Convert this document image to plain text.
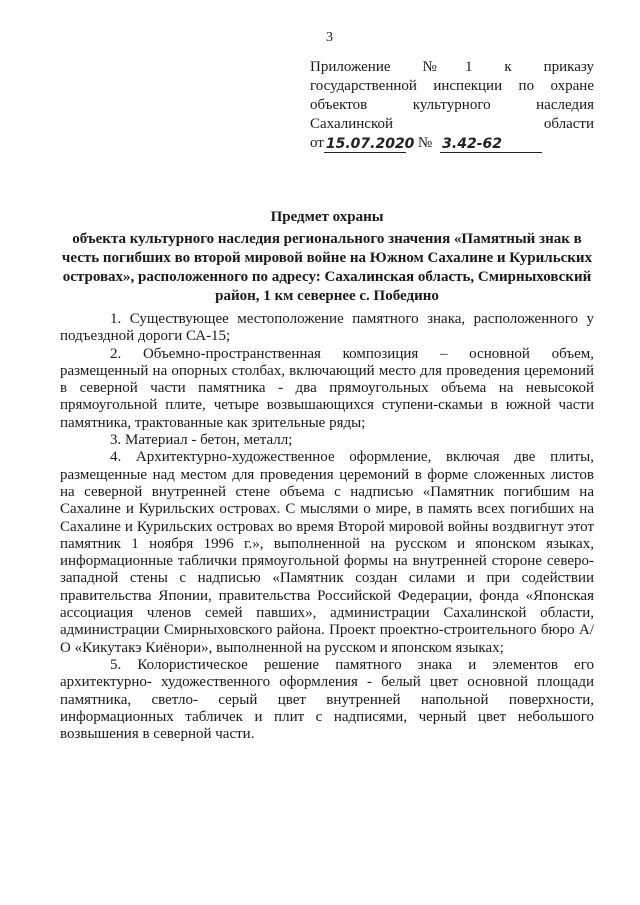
3
Приложение №1 к приказу
государственной инспекции по охране
объектов культурного наследия
Сахалинской области
от 15.07.2020 № 3.42-62
Предмет охраны
объекта культурного наследия регионального значения «Памятный знак в честь погибших во второй мировой войне на Южном Сахалине и Курильских островах», расположенного по адресу: Сахалинская область, Смирныховский район, 1 км севернее с. Победино

1. Существующее местоположение памятного знака, расположенного у подъездной дороги СА-15;

2. Объемно-пространственная композиция – основной объем, размещенный на опорных столбах, включающий место для проведения церемоний в северной части памятника - два прямоугольных объема на невысокой прямоугольной плите, четыре возвышающихся ступени-скамьи в южной части памятника, трактованные как зрительные ряды;

3. Материал - бетон, металл;

4. Архитектурно-художественное оформление, включая две плиты, размещенные над местом для проведения церемоний в форме сложенных листов на северной внутренней стене объема с надписью «Памятник погибшим на Сахалине и Курильских островах. С мыслями о мире, в память всех погибших на Сахалине и Курильских островах во время Второй мировой войны воздвигнут этот памятник 1 ноября 1996 г.», выполненной на русском и японском языках, информационные таблички прямоугольной формы на внутренней стороне северо-западной стены с надписью «Памятник создан силами и при содействии правительства Японии, правительства Российской Федерации, фонда «Японская ассоциация членов семей павших», администрации Сахалинской области, администрации Смирныховского района. Проект проектно-строительного бюро А/О «Кикутакэ Киёнори», выполненной на русском и японском языках;

5. Колористическое решение памятного знака и элементов его архитектурно- художественного оформления - белый цвет основной площади памятника, светло- серый цвет внутренней напольной поверхности, информационных табличек и плит с надписями, черный цвет небольшого возвышения в северной части.
